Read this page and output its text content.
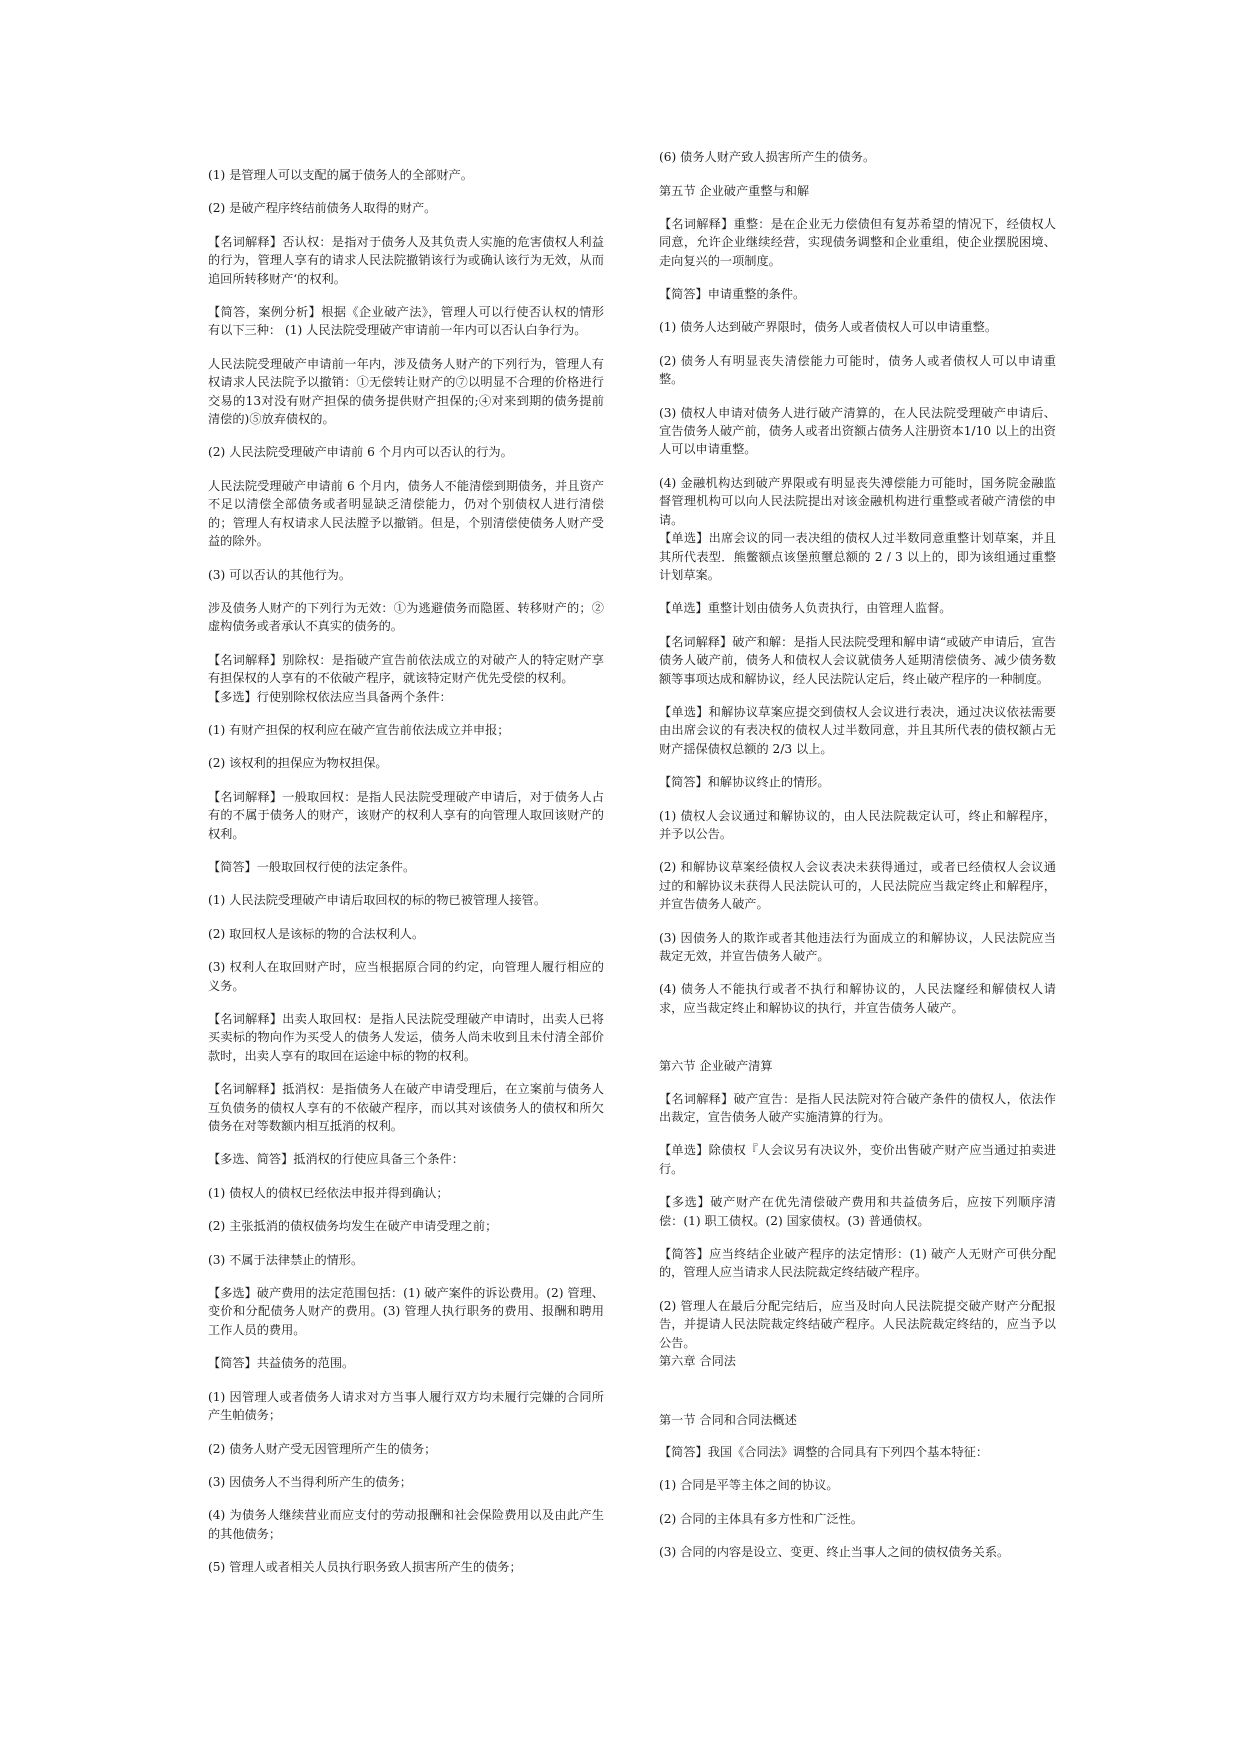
(1) 是管理人可以支配的属于债务人的全部财产。

(2) 是破产程序终结前债务人取得的财产。

【名词解释】否认权：是指对于债务人及其负责人实施的危害债权人利益的行为，管理人享有的请求人民法院撤销该行为或确认该行为无效，从而追回所转移财产‘的权利。

【简答，案例分析】根据《企业破产法》，管理人可以行使否认权的情形有以下三种： (1) 人民法院受理破产审请前一年内可以否认白争行为。

人民法院受理破产申请前一年内，涉及债务人财产的下列行为，管理人有权请求人民法院予以撤销：①无偿转让财产的⑦以明显不合理的价格进行交易的13对没有财产担保的债务提供财产担保的;④对来到期的债务提前清偿的)⑤放弃债权的。

(2) 人民法院受理破产申请前 6 个月内可以否认的行为。

人民法院受理破产申请前 6 个月内，债务人不能清偿到期债务，并且资产不足以清偿全部债务或者明显缺乏清偿能力，仍对个别债权人进行清偿的；管理人有权请求人民法膛予以撤销。但是，个别清偿使债务人财产受益的除外。

(3) 可以否认的其他行为。

涉及债务人财产的下列行为无效：①为逃避债务而隐匿、转移财产的；②虚构债务或者承认不真实的债务的。

【名词解释】别除权：是指破产宣告前依法成立的对破产人的特定财产享有担保权的人享有的不依破产程序，就该特定财产优先受偿的权利。

【多选】行使别除权依法应当具备两个条件：

(1) 有财产担保的权利应在破产宣告前依法成立并申报；

(2) 该权利的担保应为物权担保。

【名词解释】一般取回权：是指人民法院受理破产申请后，对于债务人占有的不属于债务人的财产，该财产的权利人享有的向管理人取回该财产的权利。

【简答】一般取回权行使的法定条件。

(1) 人民法院受理破产申请后取回权的标的物已被管理人接管。

(2) 取回权人是该标的物的合法权利人。

(3) 权利人在取回财产时，应当根据原合同的约定，向管理人履行相应的义务。

【名词解释】出卖人取回权：是指人民法院受理破产申请时，出卖人已将买卖标的物向作为买受人的债务人发运，债务人尚未收到且未付清全部价款时，出卖人享有的取回在运途中标的物的权利。

【名词解释】抵消权：是指债务人在破产申请受理后，在立案前与债务人互负债务的债权人享有的不依破产程序，而以其对该债务人的债权和所欠债务在对等数额内相互抵消的权利。

【多选、简答】抵消权的行使应具备三个条件：

(1) 债权人的债权已经依法申报并得到确认；

(2) 主张抵消的债权债务均发生在破产申请受理之前；

(3) 不属于法律禁止的情形。

【多选】破产费用的法定范围包括：(1) 破产案件的诉讼费用。(2) 管理、变价和分配债务人财产的费用。(3) 管理人执行职务的费用、报酬和聘用工作人员的费用。

【简答】共益债务的范围。

(1) 因管理人或者债务人请求对方当事人履行双方均未履行完嫌的合同所产生帕债务；

(2) 债务人财产受无因管理所产生的债务；

(3) 因债务人不当得利所产生的债务；

(4) 为债务人继续营业而应支付的劳动报酬和社会保险费用以及由此产生的其他债务；

(5) 管理人或者相关人员执行职务致人损害所产生的债务；

(6) 债务人财产致人损害所产生的债务。

第五节 企业破产重整与和解

【名词解释】重整：是在企业无力偿债但有复苏希望的情况下，经债权人同意，允许企业继续经营，实现债务调整和企业重组，使企业摆脱困境、走向复兴的一项制度。

【简答】申请重整的条件。

(1) 债务人达到破产界限时，债务人或者债权人可以申请重整。

(2) 债务人有明显丧失清偿能力可能时，债务人或者债权人可以申请重整。

(3) 债权人申请对债务人进行破产清算的，在人民法院受理破产申请后、宣告债务人破产前，债务人或者出资额占债务人注册资本1/10 以上的出资人可以申请重整。

(4) 金融机构达到破产界限或有明显丧失溥偿能力可能时，国务院金融监督管理机构可以向人民法院提出对该金融机构进行重整或者破产清偿的申请。

【单选】出席会议的同一表决组的债权人过半数同意重整计划草案，并且其所代表型．熊鳖额点该堡煎壐总额的 2 / 3 以上的，即为该组通过重整计划草案。

【单选】重整计划由债务人负责执行，由管理人监督。

【名词解释】破产和解：是指人民法院受理和解申请“或破产申请后，宣告债务人破产前，债务人和债权人会议就债务人延期清偿债务、减少债务数额等事项达成和解协议，经人民法院认定后，终止破产程序的一种制度。

【单选】和解协议草案应提交到债权人会议进行表决，通过决议依祛需要由出席会议的有表决权的债权人过半数同意，并且其所代表的债权额占无财产揺保债权总额的 2/3 以上。

【简答】和解协议终止的情形。

(1) 债权人会议通过和解协议的，由人民法院裁定认可，终止和解程序，并予以公告。

(2) 和解协议草案经债权人会议表决未获得通过，或者已经债权人会议通过的和解协议未获得人民法院认可的，人民法院应当裁定终止和解程序，并宣告债务人破产。

(3) 因债务人的欺诈或者其他违法行为面成立的和解协议，人民法院应当裁定无效，并宣告债务人破产。

(4) 债务人不能执行或者不执行和解协议的，人民法窿经和解债权人请求，应当裁定终止和解协议的执行，并宣告债务人破产。

第六节 企业破产清算

【名词解释】破产宣告：是指人民法院对符合破产条件的债权人，依法作出裁定，宣告债务人破产实施清算的行为。

【单选】除债权『人会议另有决议外，变价出售破产财产应当通过拍卖进行。

【多选】破产财产在优先清偿破产费用和共益债务后，应按下列顺序清偿：(1) 职工债权。(2) 国家债权。(3) 普通债权。

【简答】应当终结企业破产程序的法定情形：(1) 破产人无财产可供分配的，管理人应当请求人民法院裁定终结破产程序。

(2) 管理人在最后分配完结后，应当及时向人民法院提交破产财产分配报告，并提请人民法院裁定终结破产程序。人民法院裁定终结的，应当予以公告。

第六章 合同法

第一节 合同和合同法概述

【简答】我国《合同法》调整的合同具有下列四个基本特征：

(1) 合同是平等主体之间的协议。

(2) 合同的主体具有多方性和广泛性。

(3) 合同的内容是设立、变更、终止当事人之间的债权债务关系。
